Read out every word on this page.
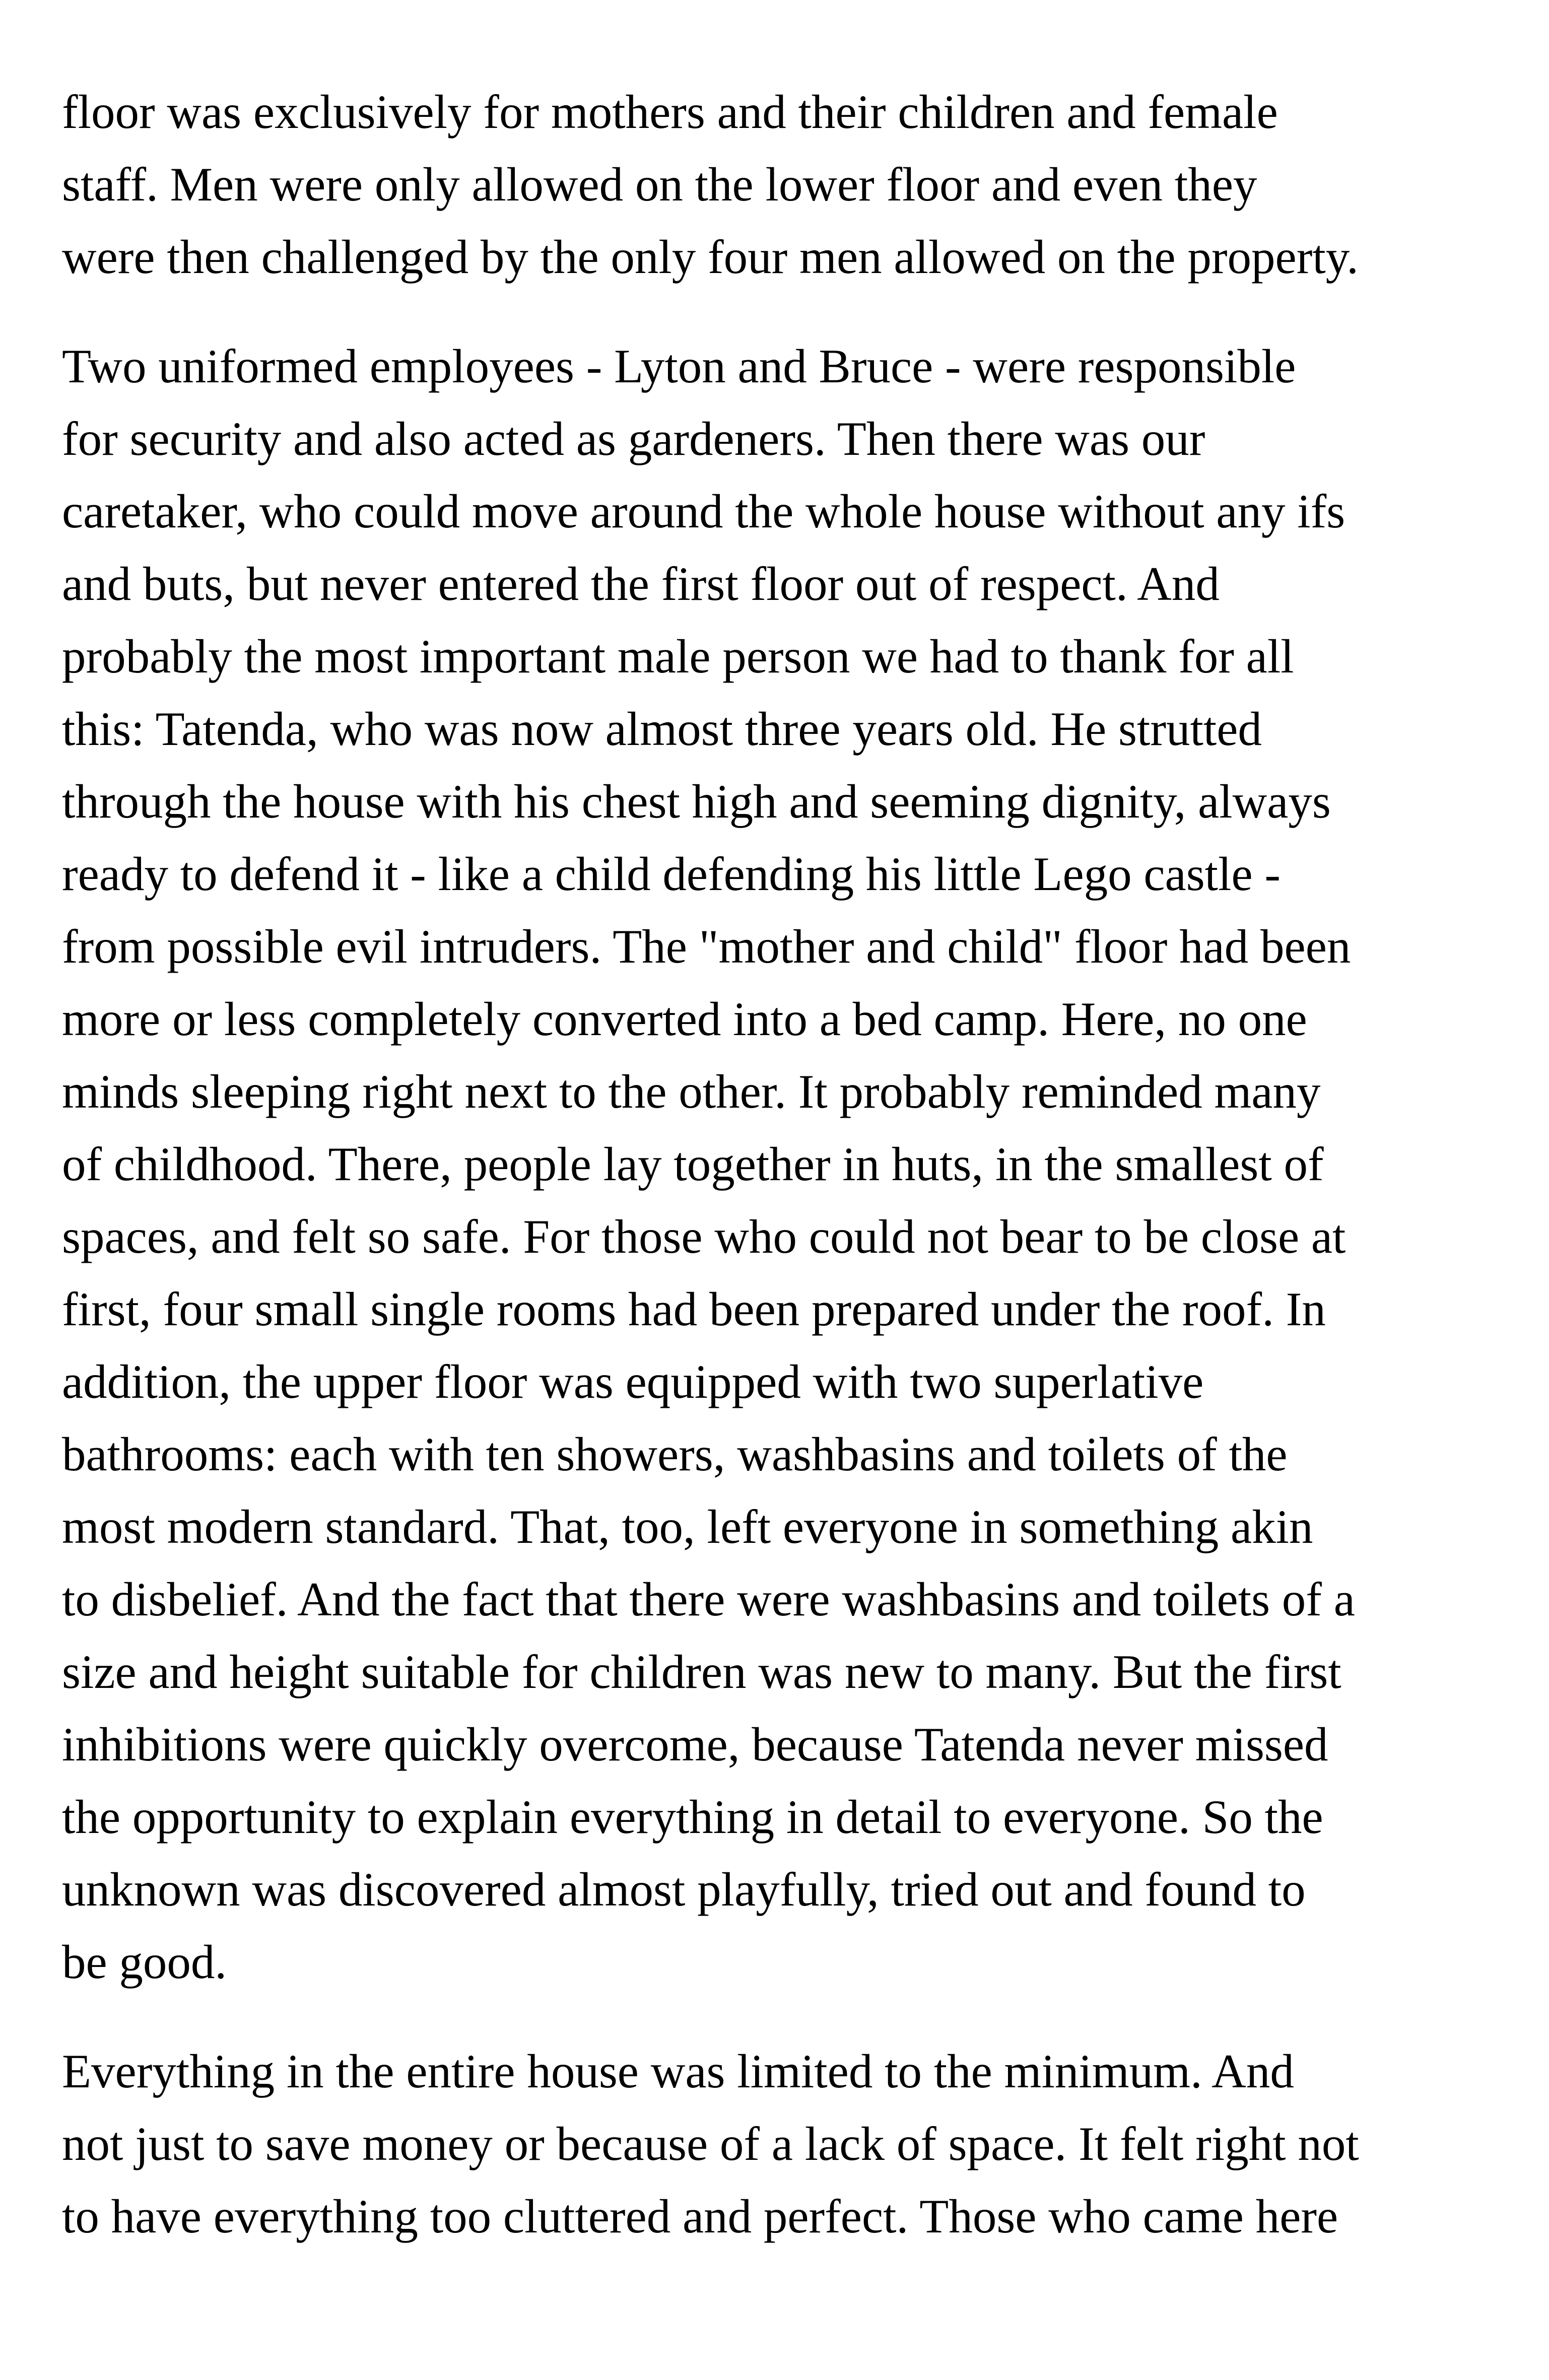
floor was exclusively for mothers and their children and female
staff. Men were only allowed on the lower floor and even they
were then challenged by the only four men allowed on the property.

Two uniformed employees - Lyton and Bruce - were responsible
for security and also acted as gardeners. Then there was our
caretaker, who could move around the whole house without any ifs
and buts, but never entered the first floor out of respect. And
probably the most important male person we had to thank for all
this: Tatenda, who was now almost three years old. He strutted
through the house with his chest high and seeming dignity, always
ready to defend it - like a child defending his little Lego castle -
from possible evil intruders. The "mother and child" floor had been
more or less completely converted into a bed camp. Here, no one
minds sleeping right next to the other. It probably reminded many
of childhood. There, people lay together in huts, in the smallest of
spaces, and felt so safe. For those who could not bear to be close at
first, four small single rooms had been prepared under the roof. In
addition, the upper floor was equipped with two superlative
bathrooms: each with ten showers, washbasins and toilets of the
most modern standard. That, too, left everyone in something akin
to disbelief. And the fact that there were washbasins and toilets of a
size and height suitable for children was new to many. But the first
inhibitions were quickly overcome, because Tatenda never missed
the opportunity to explain everything in detail to everyone. So the
unknown was discovered almost playfully, tried out and found to
be good.

Everything in the entire house was limited to the minimum. And
not just to save money or because of a lack of space. It felt right not
to have everything too cluttered and perfect. Those who came here
